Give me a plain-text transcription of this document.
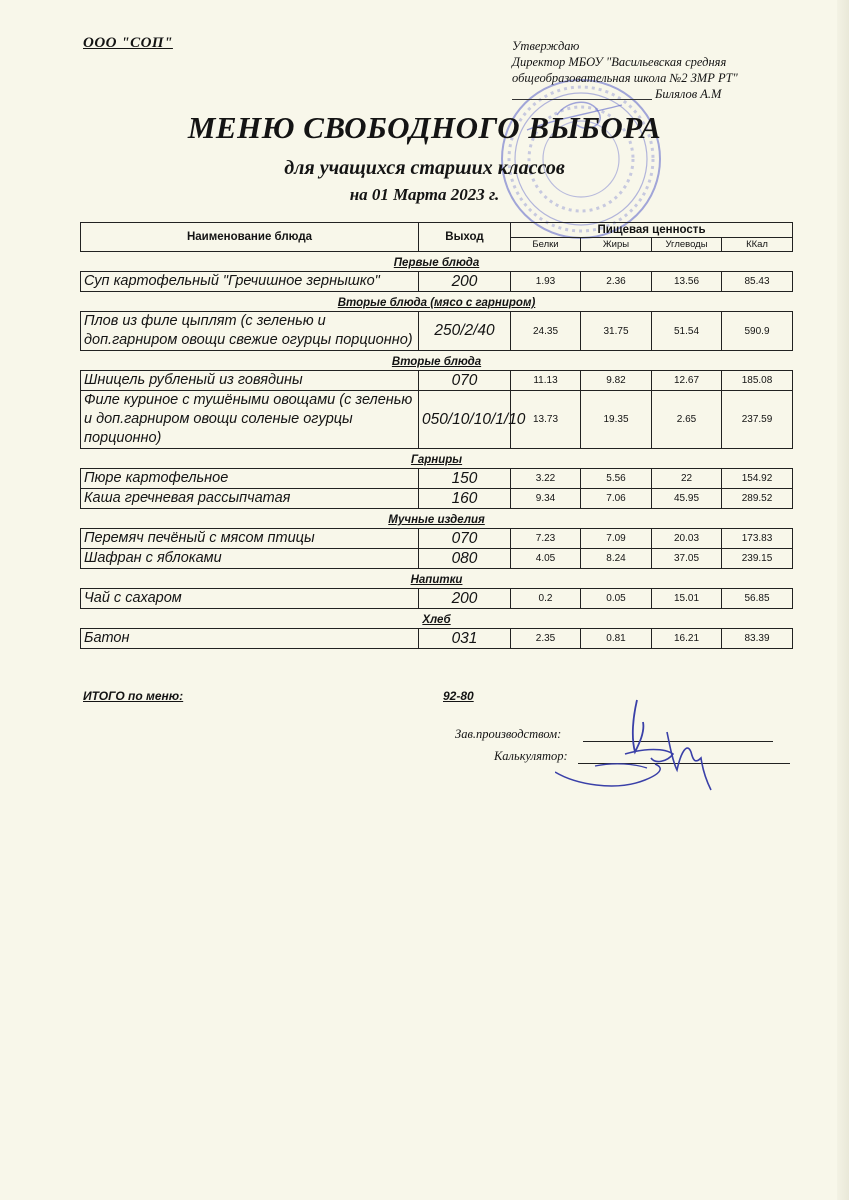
ООО "СОП"	Утверждаю
Директор МБОУ "Васильевская средняя
общеобразовательная школа №2 ЗМР РТ"
Билялов А.М
МЕНЮ СВОБОДНОГО ВЫБОРА
для учащихся старших классов
на 01 Марта 2023 г.
Наименование блюда	Выход	Пищевая ценность			
		Белки	Жиры	Углеводы	ККал
Первые блюда					
Суп картофельный "Гречишное зернышко"	200	1.93	2.36	13.56	85.43
Вторые блюда (мясо с гарниром)					
Плов из филе цыплят (с зеленью и доп.гарниром овощи свежие огурцы порционно)	250/2/40	24.35	31.75	51.54	590.9
Вторые блюда					
Шницель рубленый из говядины	070	11.13	9.82	12.67	185.08
Филе куриное с тушёными овощами (с зеленью и доп.гарниром овощи соленые огурцы порционно)	050/10/10/1/10	13.73	19.35	2.65	237.59
Гарниры					
Пюре картофельное	150	3.22	5.56	22	154.92
Каша гречневая рассыпчатая	160	9.34	7.06	45.95	289.52
Мучные изделия					
Перемяч печёный с мясом птицы	070	7.23	7.09	20.03	173.83
Шафран с яблоками	080	4.05	8.24	37.05	239.15
Напитки					
Чай с сахаром	200	0.2	0.05	15.01	56.85
Хлеб					
Батон	031	2.35	0.81	16.21	83.39
ИТОГО по меню:	92-80
Зав.производством:
Калькулятор:
